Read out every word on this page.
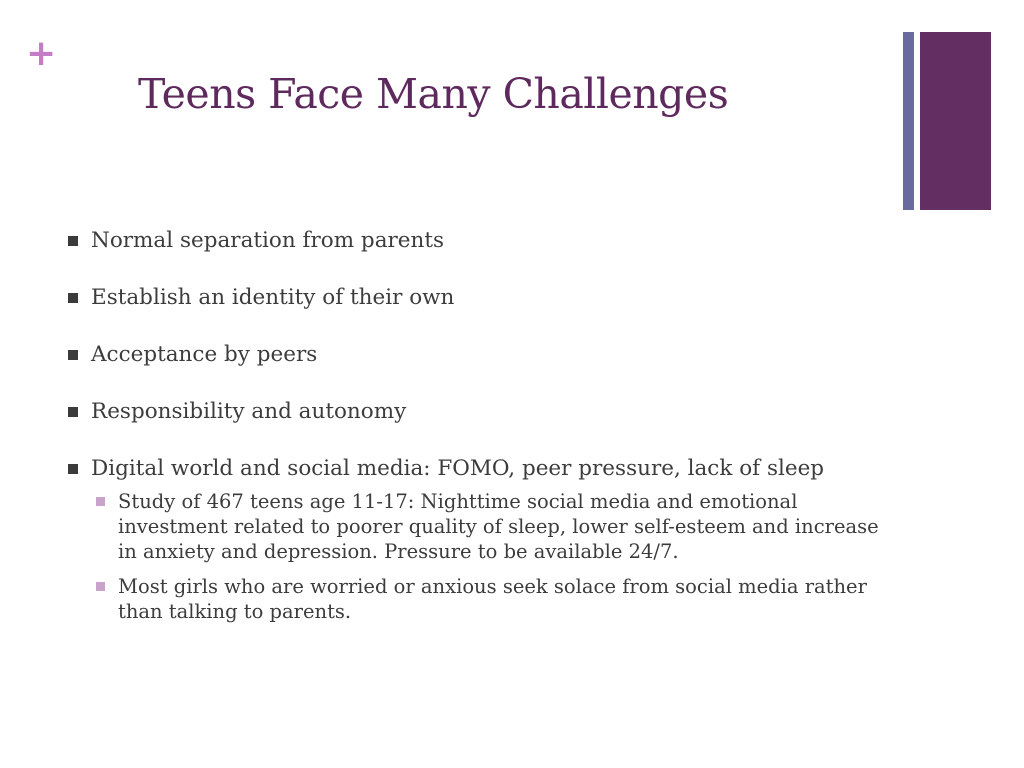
+
Teens Face Many Challenges
Normal separation from parents
Establish an identity of their own
Acceptance by peers
Responsibility and autonomy
Digital world and social media: FOMO, peer pressure, lack of sleep
Study of 467 teens age 11-17: Nighttime social media and emotional investment related to poorer quality of sleep, lower self-esteem and increase in anxiety and depression. Pressure to be available 24/7.
Most girls who are worried or anxious seek solace from social media rather than talking to parents.
